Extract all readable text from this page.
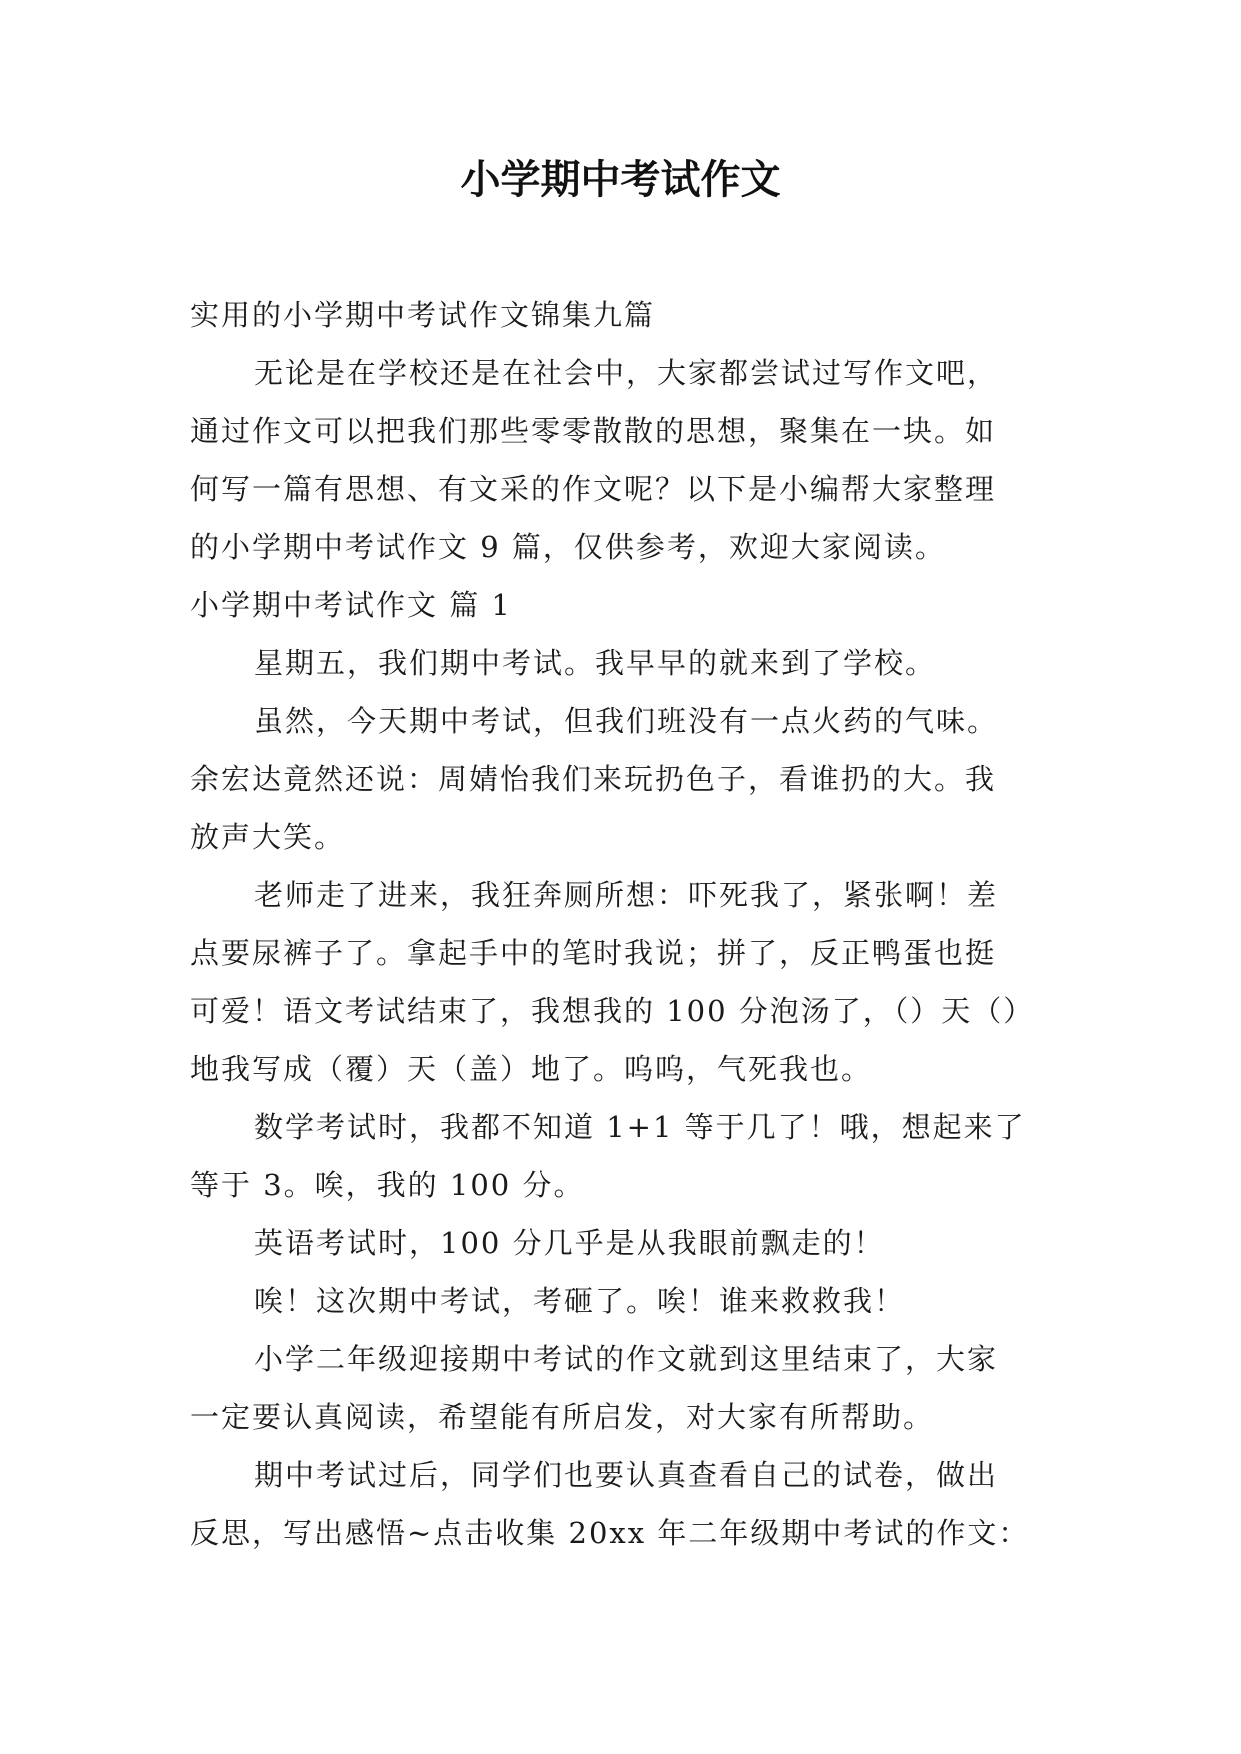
小学期中考试作文

实用的小学期中考试作文锦集九篇

无论是在学校还是在社会中，大家都尝试过写作文吧，

通过作文可以把我们那些零零散散的思想，聚集在一块。如

何写一篇有思想、有文采的作文呢？以下是小编帮大家整理

的小学期中考试作文 9 篇，仅供参考，欢迎大家阅读。

小学期中考试作文 篇 1

星期五，我们期中考试。我早早的就来到了学校。

虽然，今天期中考试，但我们班没有一点火药的气味。

余宏达竟然还说：周婧怡我们来玩扔色子，看谁扔的大。我

放声大笑。

老师走了进来，我狂奔厕所想：吓死我了，紧张啊！差

点要尿裤子了。拿起手中的笔时我说；拼了，反正鸭蛋也挺

可爱！语文考试结束了，我想我的 100 分泡汤了，（）天（）

地我写成（覆）天（盖）地了。呜呜，气死我也。

数学考试时，我都不知道 1+1 等于几了！哦，想起来了

等于 3。唉，我的 100 分。

英语考试时，100 分几乎是从我眼前飘走的！

唉！这次期中考试，考砸了。唉！谁来救救我！

小学二年级迎接期中考试的作文就到这里结束了，大家

一定要认真阅读，希望能有所启发，对大家有所帮助。

期中考试过后，同学们也要认真查看自己的试卷，做出

反思，写出感悟~点击收集 20xx 年二年级期中考试的作文：
